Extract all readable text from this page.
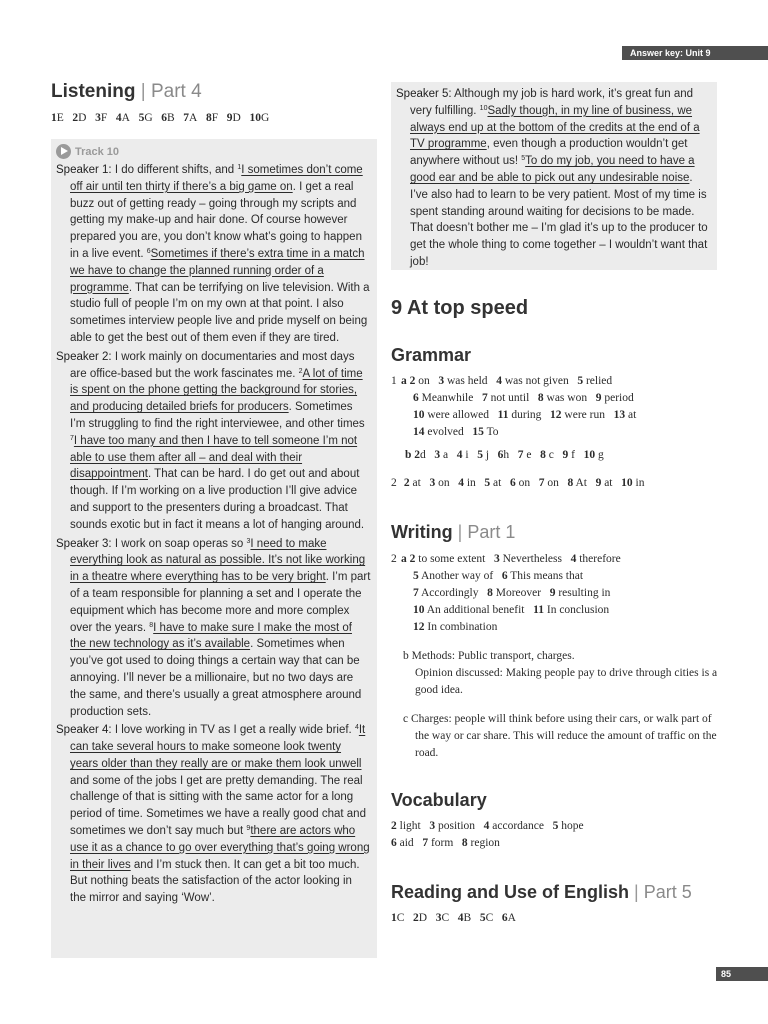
Answer key: Unit 9
Listening | Part 4
1E 2D 3F 4A 5G 6B 7A 8F 9D 10G
Track 10

Speaker 1: I do different shifts, and $^1$I sometimes don’t come off air until ten thirty if there’s a big game on. I get a real buzz out of getting ready – going through my scripts and getting my make-up and hair done. Of course however prepared you are, you don’t know what’s going to happen in a live event. $^6$Sometimes if there’s extra time in a match we have to change the planned running order of a programme. That can be terrifying on live television. With a studio full of people I’m on my own at that point. I also sometimes interview people live and pride myself on being able to get the best out of them even if they are tired.

Speaker 2: I work mainly on documentaries and most days are office-based but the work fascinates me. $^2$A lot of time is spent on the phone getting the background for stories, and producing detailed briefs for producers. Sometimes I’m struggling to find the right interviewee, and other times $^7$I have too many and then I have to tell someone I’m not able to use them after all – and deal with their disappointment. That can be hard. I do get out and about though. If I’m working on a live production I’ll give advice and support to the presenters during a broadcast. That sounds exotic but in fact it means a lot of hanging around.

Speaker 3: I work on soap operas so $^3$I need to make everything look as natural as possible. It’s not like working in a theatre where everything has to be very bright. I’m part of a team responsible for planning a set and I operate the equipment which has become more and more complex over the years. $^8$I have to make sure I make the most of the new technology as it’s available. Sometimes when you’ve got used to doing things a certain way that can be annoying. I’ll never be a millionaire, but no two days are the same, and there’s usually a great atmosphere around production sets.

Speaker 4: I love working in TV as I get a really wide brief. $^4$It can take several hours to make someone look twenty years older than they really are or make them look unwell and some of the jobs I get are pretty demanding. The real challenge of that is sitting with the same actor for a long period of time. Sometimes we have a really good chat and sometimes we don’t say much but $^9$there are actors who use it as a chance to go over everything that’s going wrong in their lives and I’m stuck then. It can get a bit too much. But nothing beats the satisfaction of the actor looking in the mirror and saying ‘Wow’.

Speaker 5: Although my job is hard work, it’s great fun and very fulfilling. $^{10}$Sadly though, in my line of business, we always end up at the bottom of the credits at the end of a TV programme, even though a production wouldn’t get anywhere without us! $^5$To do my job, you need to have a good ear and be able to pick out any undesirable noise. I’ve also had to learn to be very patient. Most of my time is spent standing around waiting for decisions to be made. That doesn’t bother me – I’m glad it’s up to the producer to get the whole thing to come together – I wouldn’t want that job!

9 At top speed
Grammar
1 a 2 on 3 was held 4 was not given 5 relied
6 Meanwhile 7 not until 8 was won 9 period
10 were allowed 11 during 12 were run 13 at
14 evolved 15 To
b 2d 3 a 4 i 5 j 6h 7 e 8 c 9 f 10 g
2 2 at 3 on 4 in 5 at 6 on 7 on 8 At 9 at 10 in
Writing | Part 1
2 a 2 to some extent 3 Nevertheless 4 therefore
5 Another way of 6 This means that
7 Accordingly 8 Moreover 9 resulting in
10 An additional benefit 11 In conclusion
12 In combination
b Methods: Public transport, charges.
Opinion discussed: Making people pay to drive through cities is a good idea.
c Charges: people will think before using their cars, or walk part of the way or car share. This will reduce the amount of traffic on the road.
Vocabulary
2 light 3 position 4 accordance 5 hope
6 aid 7 form 8 region
Reading and Use of English | Part 5
1C 2D 3C 4B 5C 6A
85
